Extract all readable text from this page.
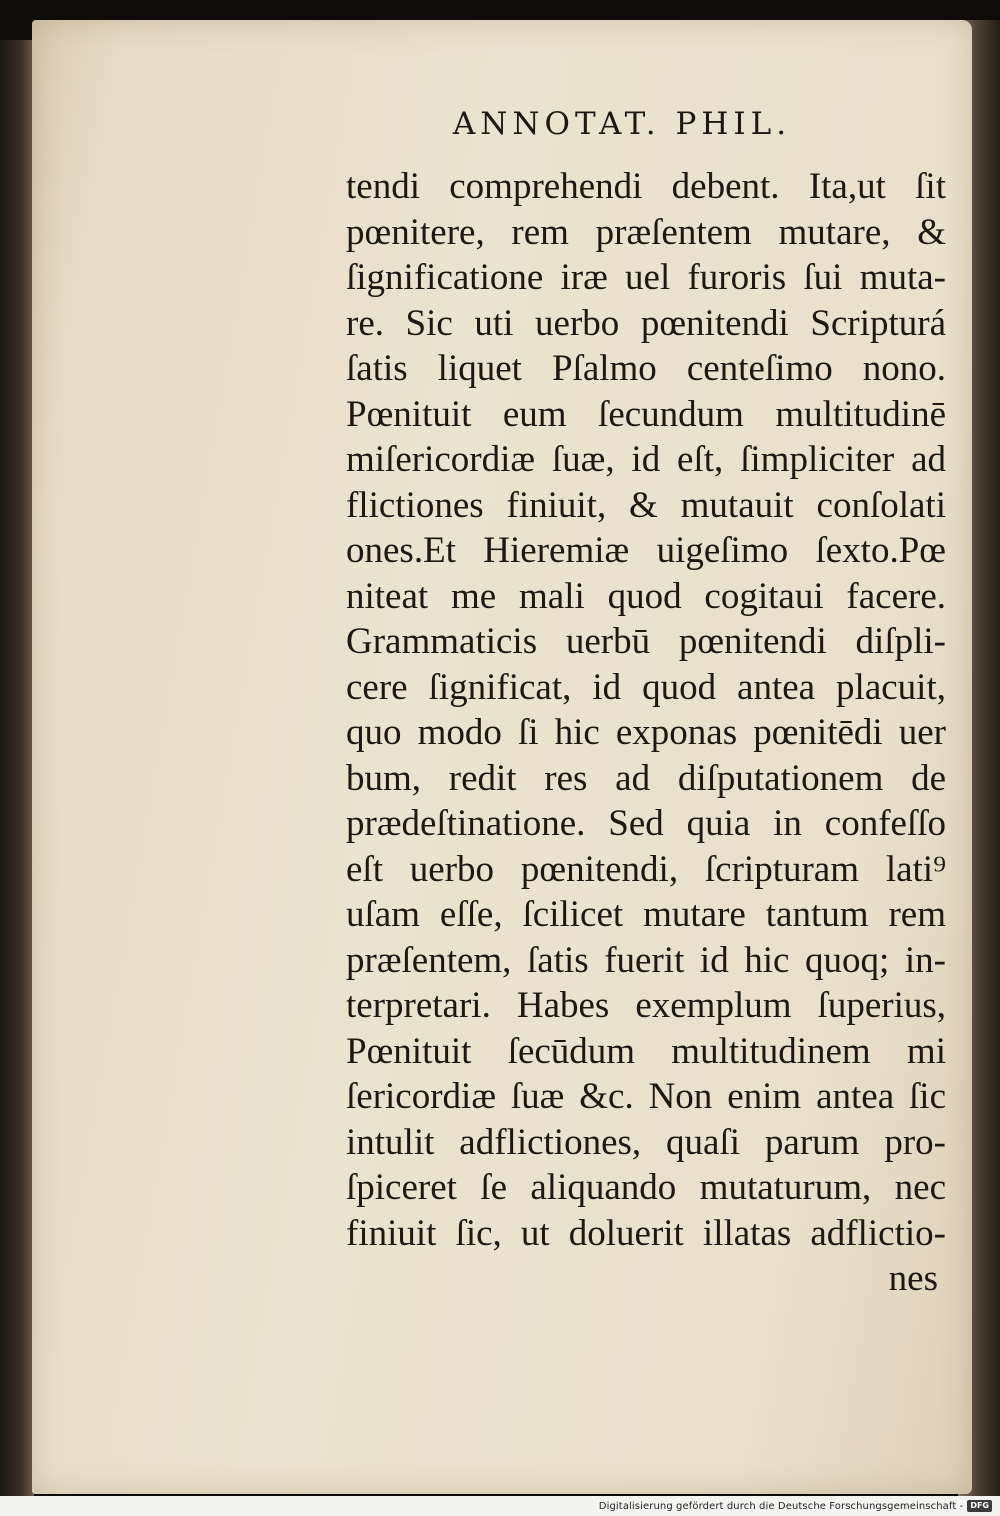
ANNOTAT. PHIL.
tendi comprehendi debent. Ita,ut ſit
pœnitere, rem præſentem mutare, &
ſignificatione iræ uel furoris ſui muta-
re. Sic uti uerbo pœnitendi Scripturá
ſatis liquet Pſalmo centeſimo nono.
Pœnituit eum ſecundum multitudinē
miſericordiæ ſuæ, id eſt, ſimpliciter ad
flictiones finiuit, & mutauit conſolati
ones.Et Hieremiæ uigeſimo ſexto.Pœ
niteat me mali quod cogitaui facere.
Grammaticis uerbū pœnitendi diſpli-
cere ſignificat, id quod antea placuit,
quo modo ſi hic exponas pœnitēdi uer
bum, redit res ad diſputationem de
prædeſtinatione. Sed quia in confeſſo
eſt uerbo pœnitendi, ſcripturam lati⁹
uſam eſſe, ſcilicet mutare tantum rem
præſentem, ſatis fuerit id hic quoq; in-
terpretari. Habes exemplum ſuperius,
Pœnituit ſecūdum multitudinem mi
ſericordiæ ſuæ &c. Non enim antea ſic
intulit adflictiones, quaſi parum pro-
ſpiceret ſe aliquando mutaturum, nec
finiuit ſic, ut doluerit illatas adflictio-
nes
Digitalisierung gefördert durch die Deutsche Forschungsgemeinschaft - DFG
